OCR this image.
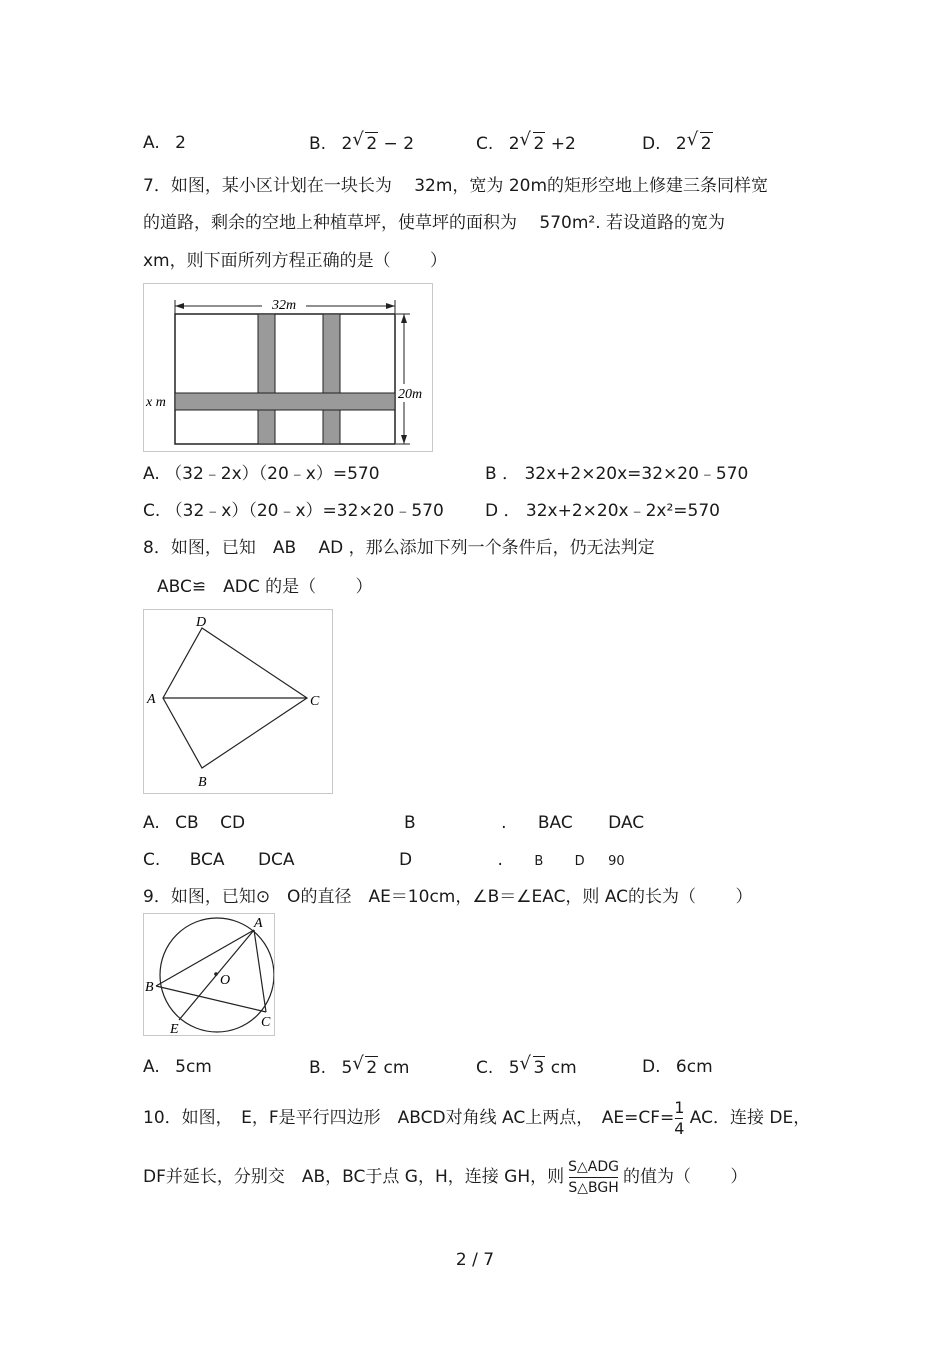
A. 2	B. 2 √ 2 − 2	C. 2 √ 2 +2	D. 2 √ 2
7．如图，某小区计划在一块长为　 32m，宽为 20m的矩形空地上修建三条同样宽
的道路，剩余的空地上种植草坪，使草坪的面积为　 570m². 若设道路的宽为
xm，则下面所列方程正确的是（　　 ）
32m
20m
x m
A. （32﹣2x）（20﹣x）=570	B ． 32x+2×20x=32×20﹣570
C. （32﹣x）（20﹣x）=32×20﹣570 D ． 32x+2×20x﹣2x²=570
8．如图，已知　AB　 AD ，那么添加下列一个条件后，仍无法判定
ABC≌　ADC 的是（　　 ）
D
A	C
B
A. CB CD	B	. BAC DAC
C. BCA DCA	D	. B D 90
9．如图，已知⊙　O的直径　AE＝10cm，∠B＝∠EAC，则 AC的长为（　　 ）
A
B
C
E
O
A. 5cm	B. 5 √ 2 cm	C. 5 √ 3 cm	D. 6cm
10．如图，　E，F是平行四边形　ABCD对角线 AC上两点，　$AE=CF= \frac{1}{4}$ AC．连接 DE，
DF并延长，分别交　AB，BC于点 G，H，连接 GH，则 $\frac{\text{S△ADG}}{\text{S△BGH}}$ 的值为（　　 ）
2 / 7
